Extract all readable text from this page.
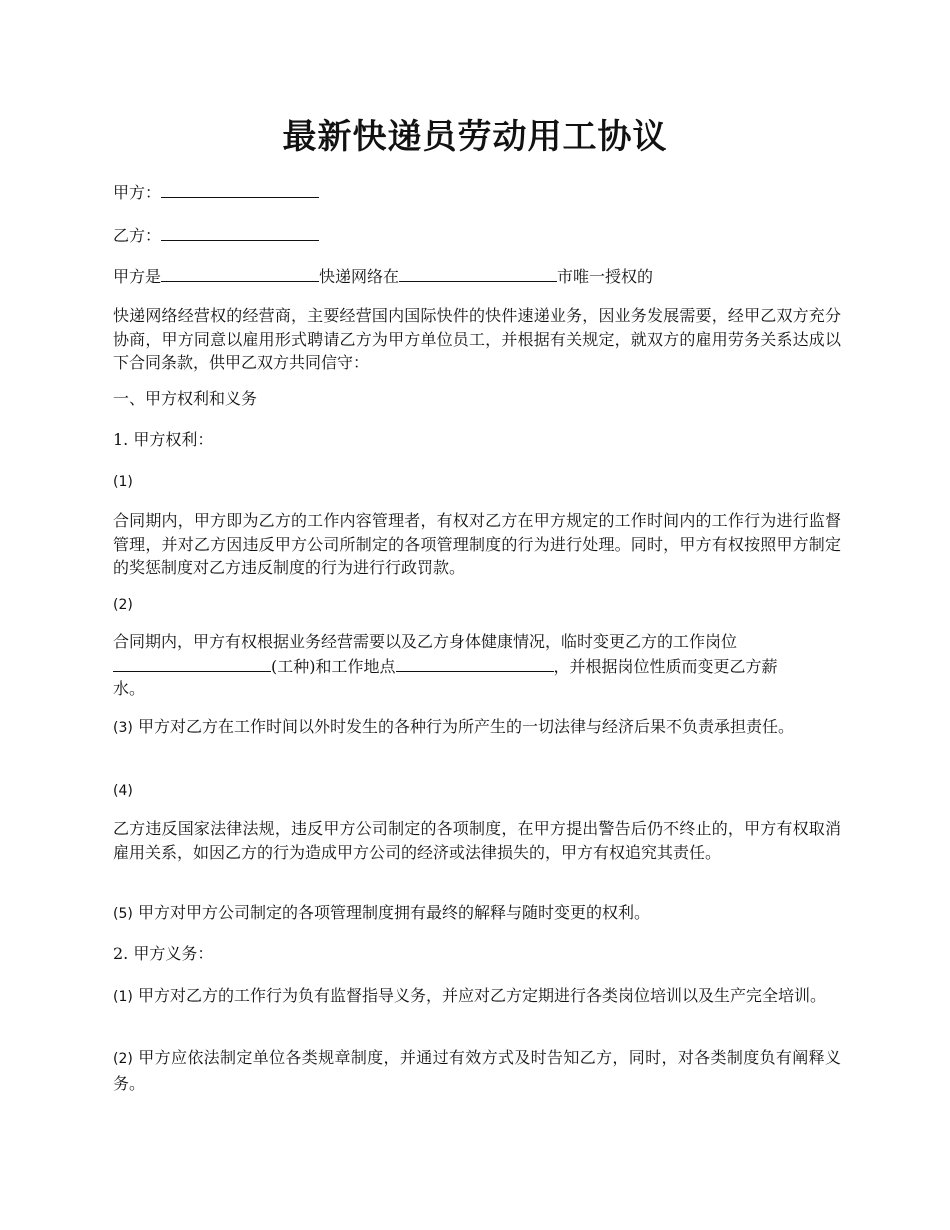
最新快递员劳动用工协议
甲方：
乙方：
甲方是	快递网络在	市唯一授权的
快递网络经营权的经营商，主要经营国内国际快件的快件速递业务，因业务发展需要，经甲乙双方充分协商，甲方同意以雇用形式聘请乙方为甲方单位员工，并根据有关规定，就双方的雇用劳务关系达成以下合同条款，供甲乙双方共同信守：
一、甲方权利和义务
1. 甲方权利：
(1)
合同期内，甲方即为乙方的工作内容管理者，有权对乙方在甲方规定的工作时间内的工作行为进行监督管理，并对乙方因违反甲方公司所制定的各项管理制度的行为进行处理。同时，甲方有权按照甲方制定的奖惩制度对乙方违反制度的行为进行行政罚款。
(2)
合同期内，甲方有权根据业务经营需要以及乙方身体健康情况，临时变更乙方的工作岗位
(工种)和工作地点	，并根据岗位性质而变更乙方薪
水。
(3) 甲方对乙方在工作时间以外时发生的各种行为所产生的一切法律与经济后果不负责承担责任。
(4)
乙方违反国家法律法规，违反甲方公司制定的各项制度，在甲方提出警告后仍不终止的，甲方有权取消雇用关系，如因乙方的行为造成甲方公司的经济或法律损失的，甲方有权追究其责任。
(5) 甲方对甲方公司制定的各项管理制度拥有最终的解释与随时变更的权利。
2. 甲方义务：
(1) 甲方对乙方的工作行为负有监督指导义务，并应对乙方定期进行各类岗位培训以及生产完全培训。
(2) 甲方应依法制定单位各类规章制度，并通过有效方式及时告知乙方，同时，对各类制度负有阐释义务。
